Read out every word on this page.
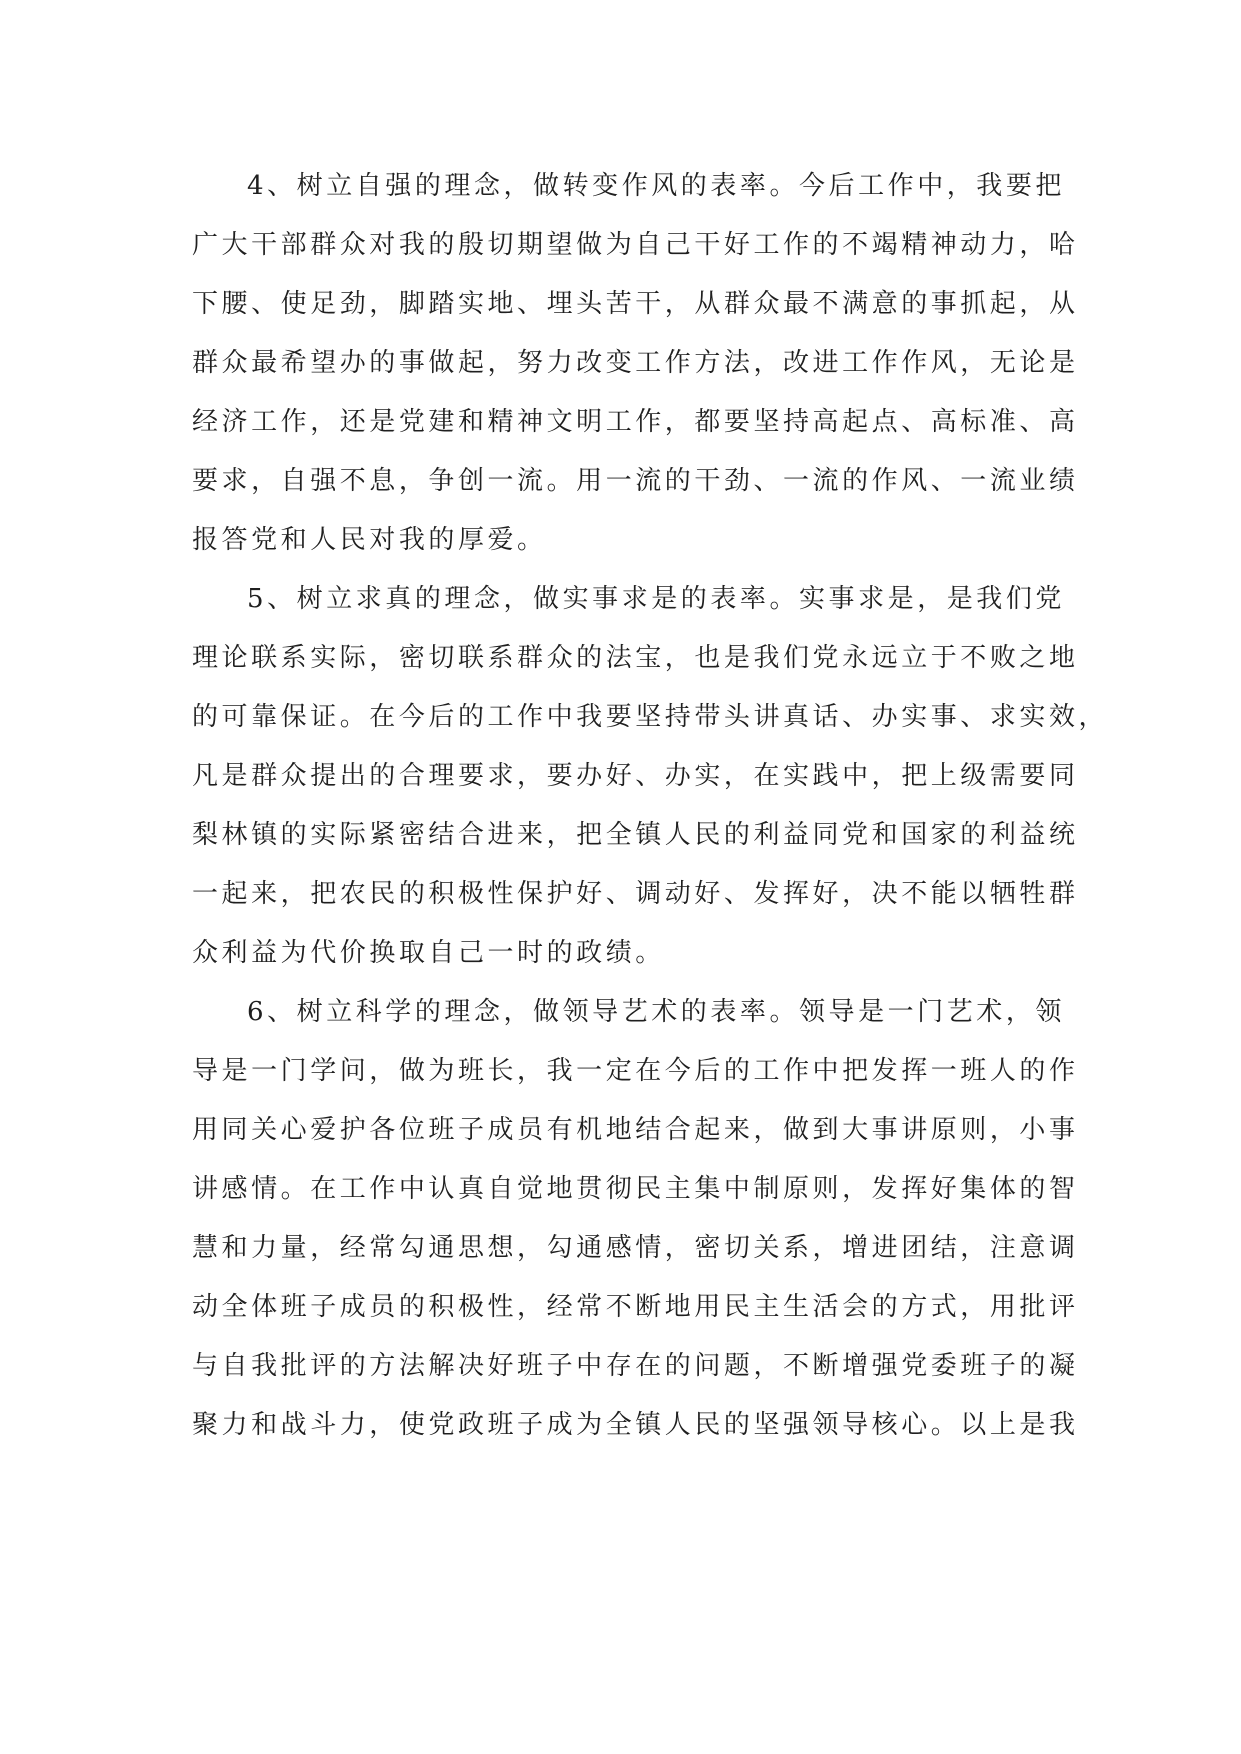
4、树立自强的理念，做转变作风的表率。今后工作中，我要把
广大干部群众对我的殷切期望做为自己干好工作的不竭精神动力，哈
下腰、使足劲，脚踏实地、埋头苦干，从群众最不满意的事抓起，从
群众最希望办的事做起，努力改变工作方法，改进工作作风，无论是
经济工作，还是党建和精神文明工作，都要坚持高起点、高标准、高
要求，自强不息，争创一流。用一流的干劲、一流的作风、一流业绩
报答党和人民对我的厚爱。
5、树立求真的理念，做实事求是的表率。实事求是，是我们党
理论联系实际，密切联系群众的法宝，也是我们党永远立于不败之地
的可靠保证。在今后的工作中我要坚持带头讲真话、办实事、求实效，
凡是群众提出的合理要求，要办好、办实，在实践中，把上级需要同
梨林镇的实际紧密结合进来，把全镇人民的利益同党和国家的利益统
一起来，把农民的积极性保护好、调动好、发挥好，决不能以牺牲群
众利益为代价换取自己一时的政绩。
6、树立科学的理念，做领导艺术的表率。领导是一门艺术，领
导是一门学问，做为班长，我一定在今后的工作中把发挥一班人的作
用同关心爱护各位班子成员有机地结合起来，做到大事讲原则，小事
讲感情。在工作中认真自觉地贯彻民主集中制原则，发挥好集体的智
慧和力量，经常勾通思想，勾通感情，密切关系，增进团结，注意调
动全体班子成员的积极性，经常不断地用民主生活会的方式，用批评
与自我批评的方法解决好班子中存在的问题，不断增强党委班子的凝
聚力和战斗力，使党政班子成为全镇人民的坚强领导核心。以上是我
